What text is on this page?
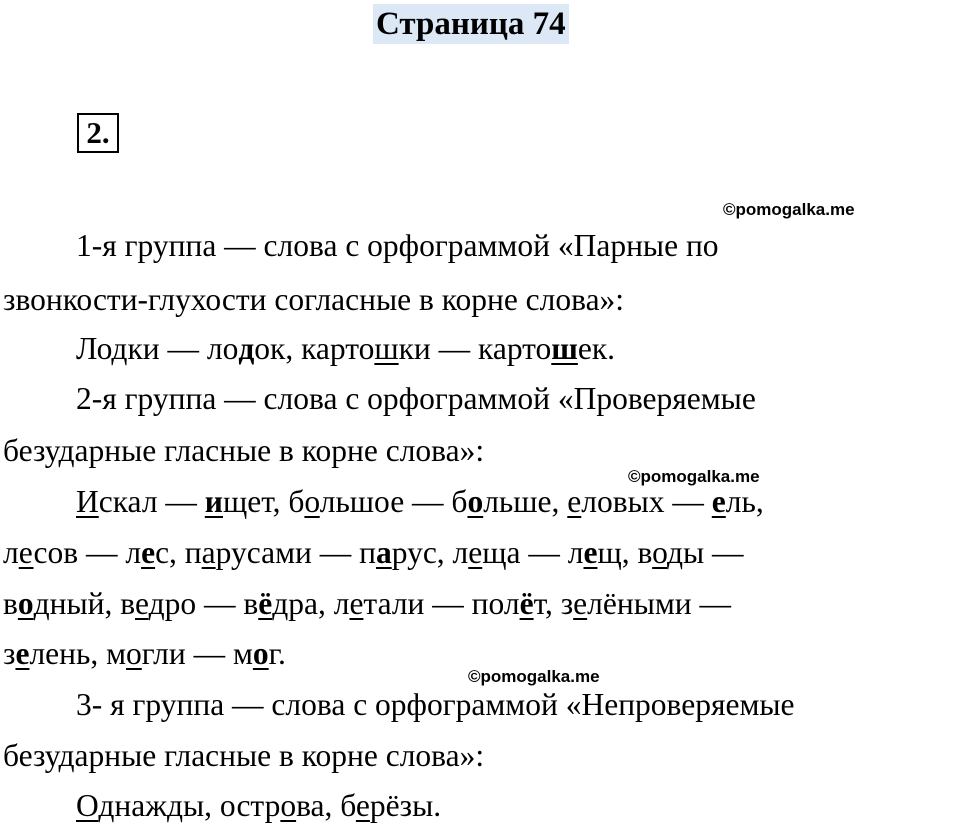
Страница 74
2.
©pomogalka.me
©pomogalka.me
©pomogalka.me
1-я группа — слова с орфограммой «Парные по
звонкости-глухости согласные в корне слова»:
Лодки — лодок, картошки — картошек.
2-я группа — слова с орфограммой «Проверяемые
безударные гласные в корне слова»:
Искал — ищет, большое — больше, еловых — ель,
лесов — лес, парусами — парус, леща — лещ, воды —
водный, ведро — вёдра, летали — полёт, зелёными —
зелень, могли — мог.
3- я группа — слова с орфограммой «Непроверяемые
безударные гласные в корне слова»:
Однажды, острова, берёзы.
